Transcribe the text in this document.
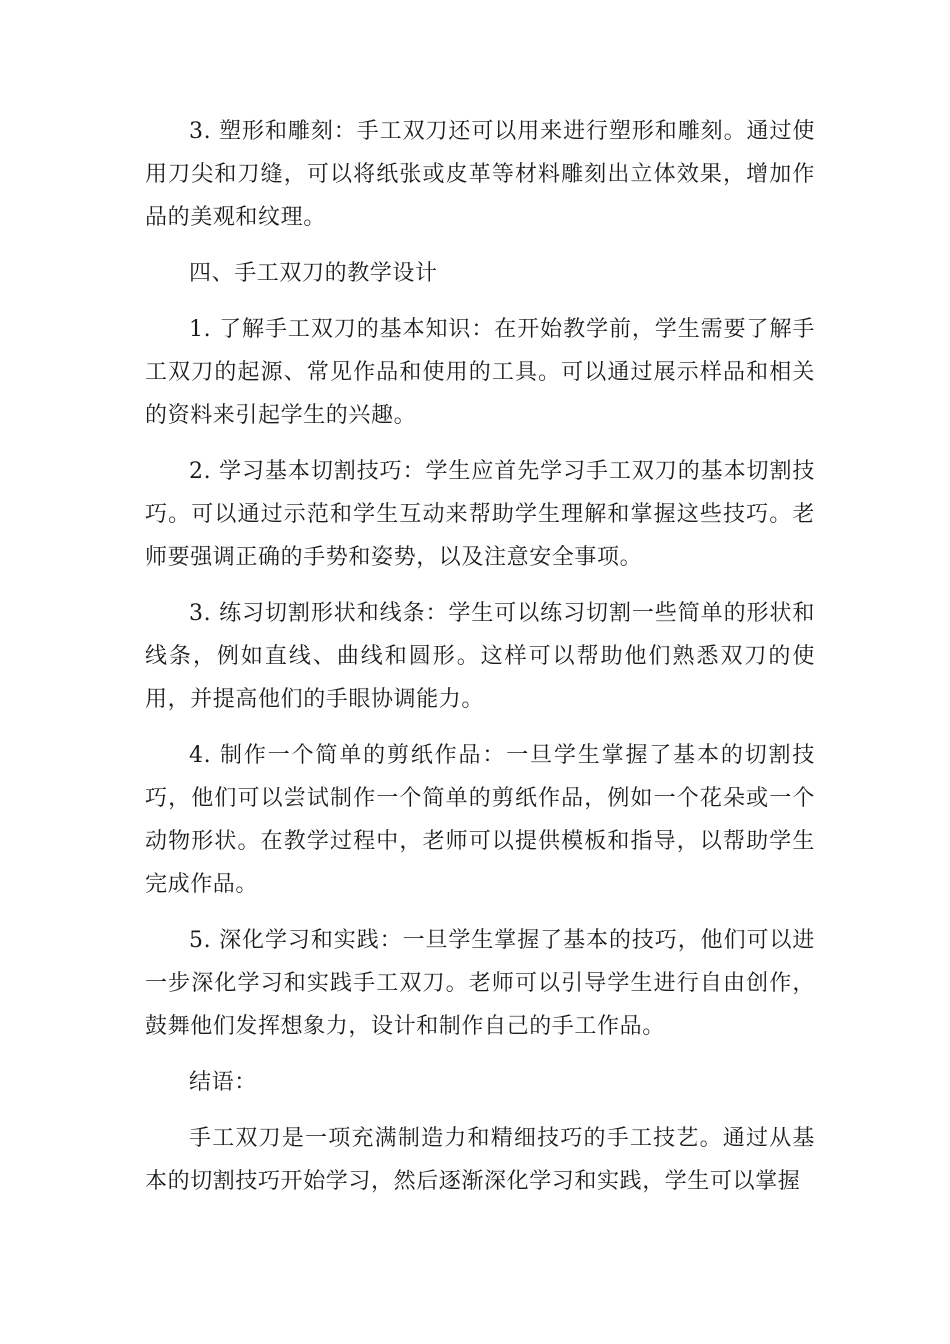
3. 塑形和雕刻：手工双刀还可以用来进行塑形和雕刻。通过使用刀尖和刀缝，可以将纸张或皮革等材料雕刻出立体效果，增加作品的美观和纹理。

四、手工双刀的教学设计

1. 了解手工双刀的基本知识：在开始教学前，学生需要了解手工双刀的起源、常见作品和使用的工具。可以通过展示样品和相关的资料来引起学生的兴趣。

2. 学习基本切割技巧：学生应首先学习手工双刀的基本切割技巧。可以通过示范和学生互动来帮助学生理解和掌握这些技巧。老师要强调正确的手势和姿势，以及注意安全事项。

3. 练习切割形状和线条：学生可以练习切割一些简单的形状和线条，例如直线、曲线和圆形。这样可以帮助他们熟悉双刀的使用，并提高他们的手眼协调能力。

4. 制作一个简单的剪纸作品：一旦学生掌握了基本的切割技巧，他们可以尝试制作一个简单的剪纸作品，例如一个花朵或一个动物形状。在教学过程中，老师可以提供模板和指导，以帮助学生完成作品。

5. 深化学习和实践：一旦学生掌握了基本的技巧，他们可以进一步深化学习和实践手工双刀。老师可以引导学生进行自由创作，鼓舞他们发挥想象力，设计和制作自己的手工作品。

结语：

手工双刀是一项充满制造力和精细技巧的手工技艺。通过从基本的切割技巧开始学习，然后逐渐深化学习和实践，学生可以掌握
